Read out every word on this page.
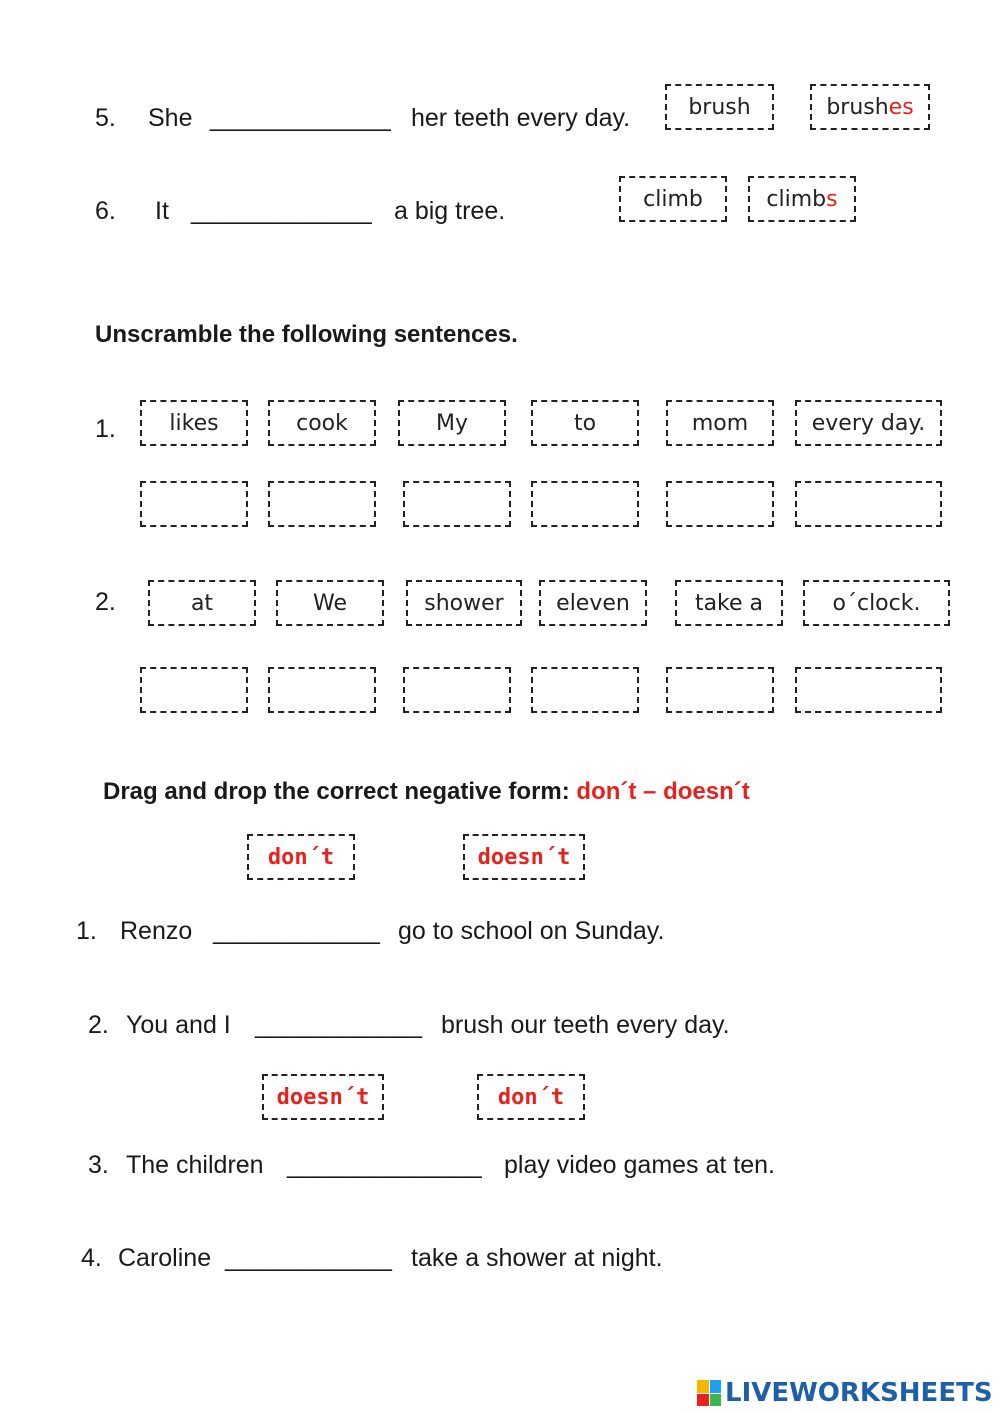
5. She _____________ her teeth every day.	brush	brush es
6. It _____________ a big tree.	climb	climb s
Unscramble the following sentences.
1. likes	cook	My	to	mom	every day.
2.	at	We	shower eleven	take a	o´clock.
Drag and drop the correct negative form: don´t – doesn´t
don´t	doesn´t
1. Renzo ____________ go to school on Sunday.
2. You and I ____________ brush our teeth every day.
doesn´t	don´t
3. The children ______________ play video games at ten.
4. Caroline ____________ take a shower at night.
LIVEWORKSHEETS
